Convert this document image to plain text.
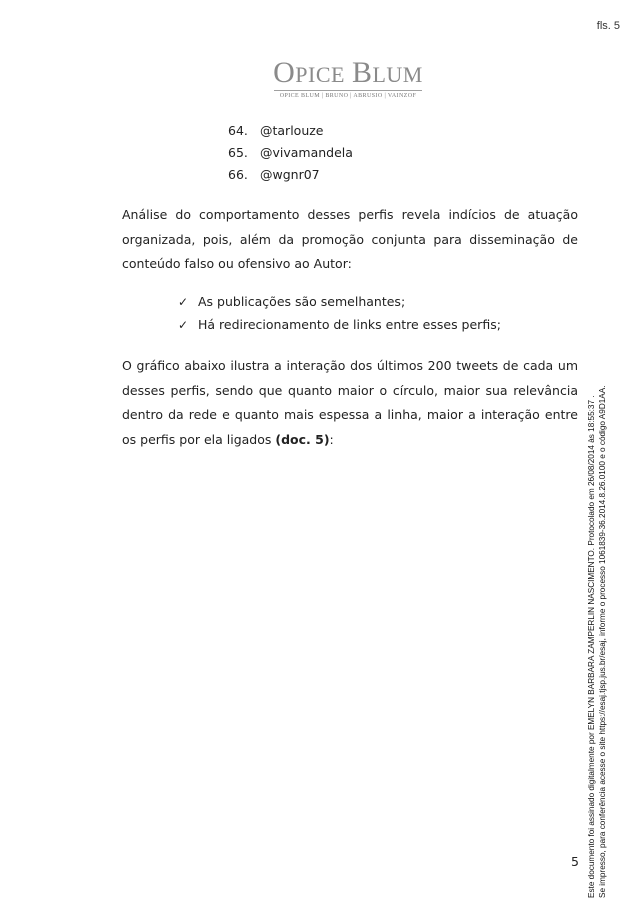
fls. 5
OPICE BLUM
OPICE BLUM | BRUNO | ABRUSIO | VAINZOF
64. @tarlouze
65. @vivamandela
66. @wgnr07
Análise do comportamento desses perfis revela indícios de atuação organizada, pois, além da promoção conjunta para disseminação de conteúdo falso ou ofensivo ao Autor:
✓ As publicações são semelhantes;
✓ Há redirecionamento de links entre esses perfis;
O gráfico abaixo ilustra a interação dos últimos 200 tweets de cada um desses perfis, sendo que quanto maior o círculo, maior sua relevância dentro da rede e quanto mais espessa a linha, maior a interação entre os perfis por ela ligados (doc. 5):
5 Este documento foi assinado digitalmente por EMELYN BARBARA ZAMPERLIN NASCIMENTO. Protocolado em 26/08/2014 às 18:55:37 . Se impresso, para conferência acesse o site https://esaj.tjsp.jus.br/esaj, informe o processo 1061839-36.2014.8.26.0100 e o código A9D1AA.
